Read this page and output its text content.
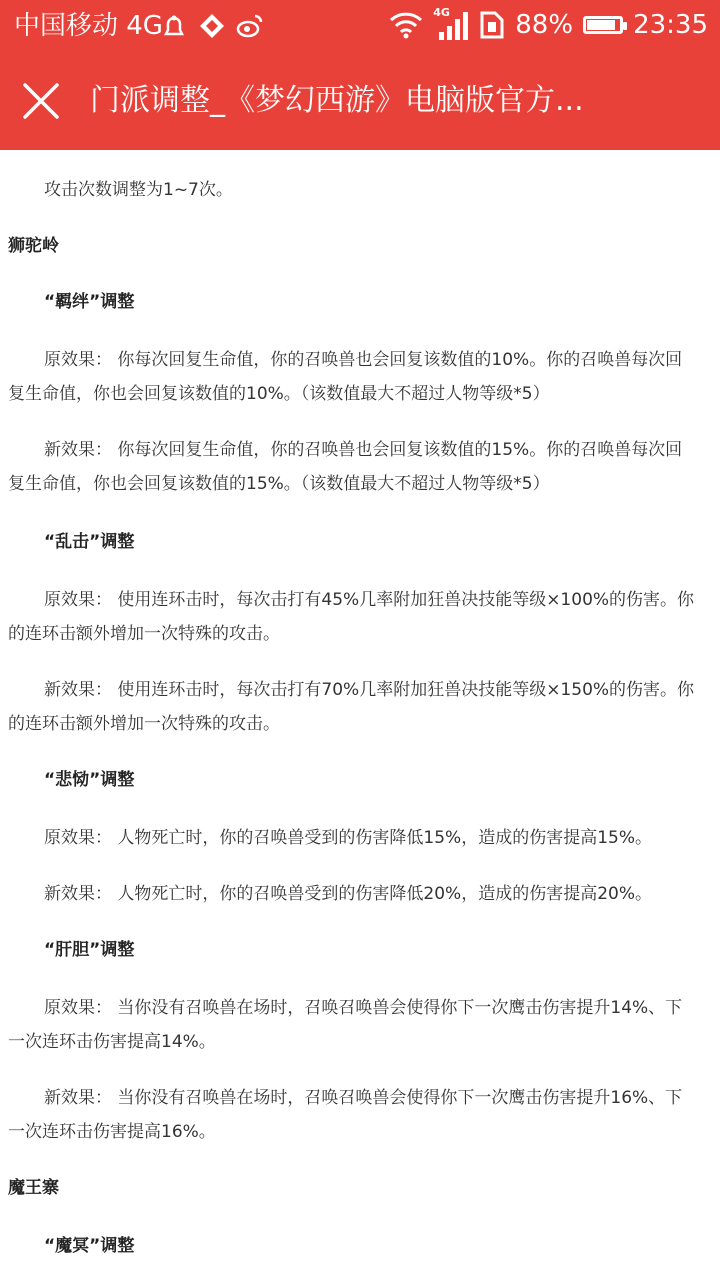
中国移动 4G	4G	88% 23:35
门派调整_《梦幻西游》电脑版官方...
攻击次数调整为1~7次。
狮驼岭
“羁绊”调整
原效果： 你每次回复生命值，你的召唤兽也会回复该数值的10%。你的召唤兽每次回
复生命值，你也会回复该数值的10%。（该数值最大不超过人物等级*5）
新效果： 你每次回复生命值，你的召唤兽也会回复该数值的15%。你的召唤兽每次回
复生命值，你也会回复该数值的15%。（该数值最大不超过人物等级*5）
“乱击”调整
原效果： 使用连环击时，每次击打有45%几率附加狂兽决技能等级×100%的伤害。你
的连环击额外增加一次特殊的攻击。
新效果： 使用连环击时，每次击打有70%几率附加狂兽决技能等级×150%的伤害。你
的连环击额外增加一次特殊的攻击。
“悲恸”调整
原效果： 人物死亡时，你的召唤兽受到的伤害降低15%，造成的伤害提高15%。
新效果： 人物死亡时，你的召唤兽受到的伤害降低20%，造成的伤害提高20%。
“肝胆”调整
原效果： 当你没有召唤兽在场时，召唤召唤兽会使得你下一次鹰击伤害提升14%、下
一次连环击伤害提高14%。
新效果： 当你没有召唤兽在场时，召唤召唤兽会使得你下一次鹰击伤害提升16%、下
一次连环击伤害提高16%。
魔王寨
“魔冥”调整
